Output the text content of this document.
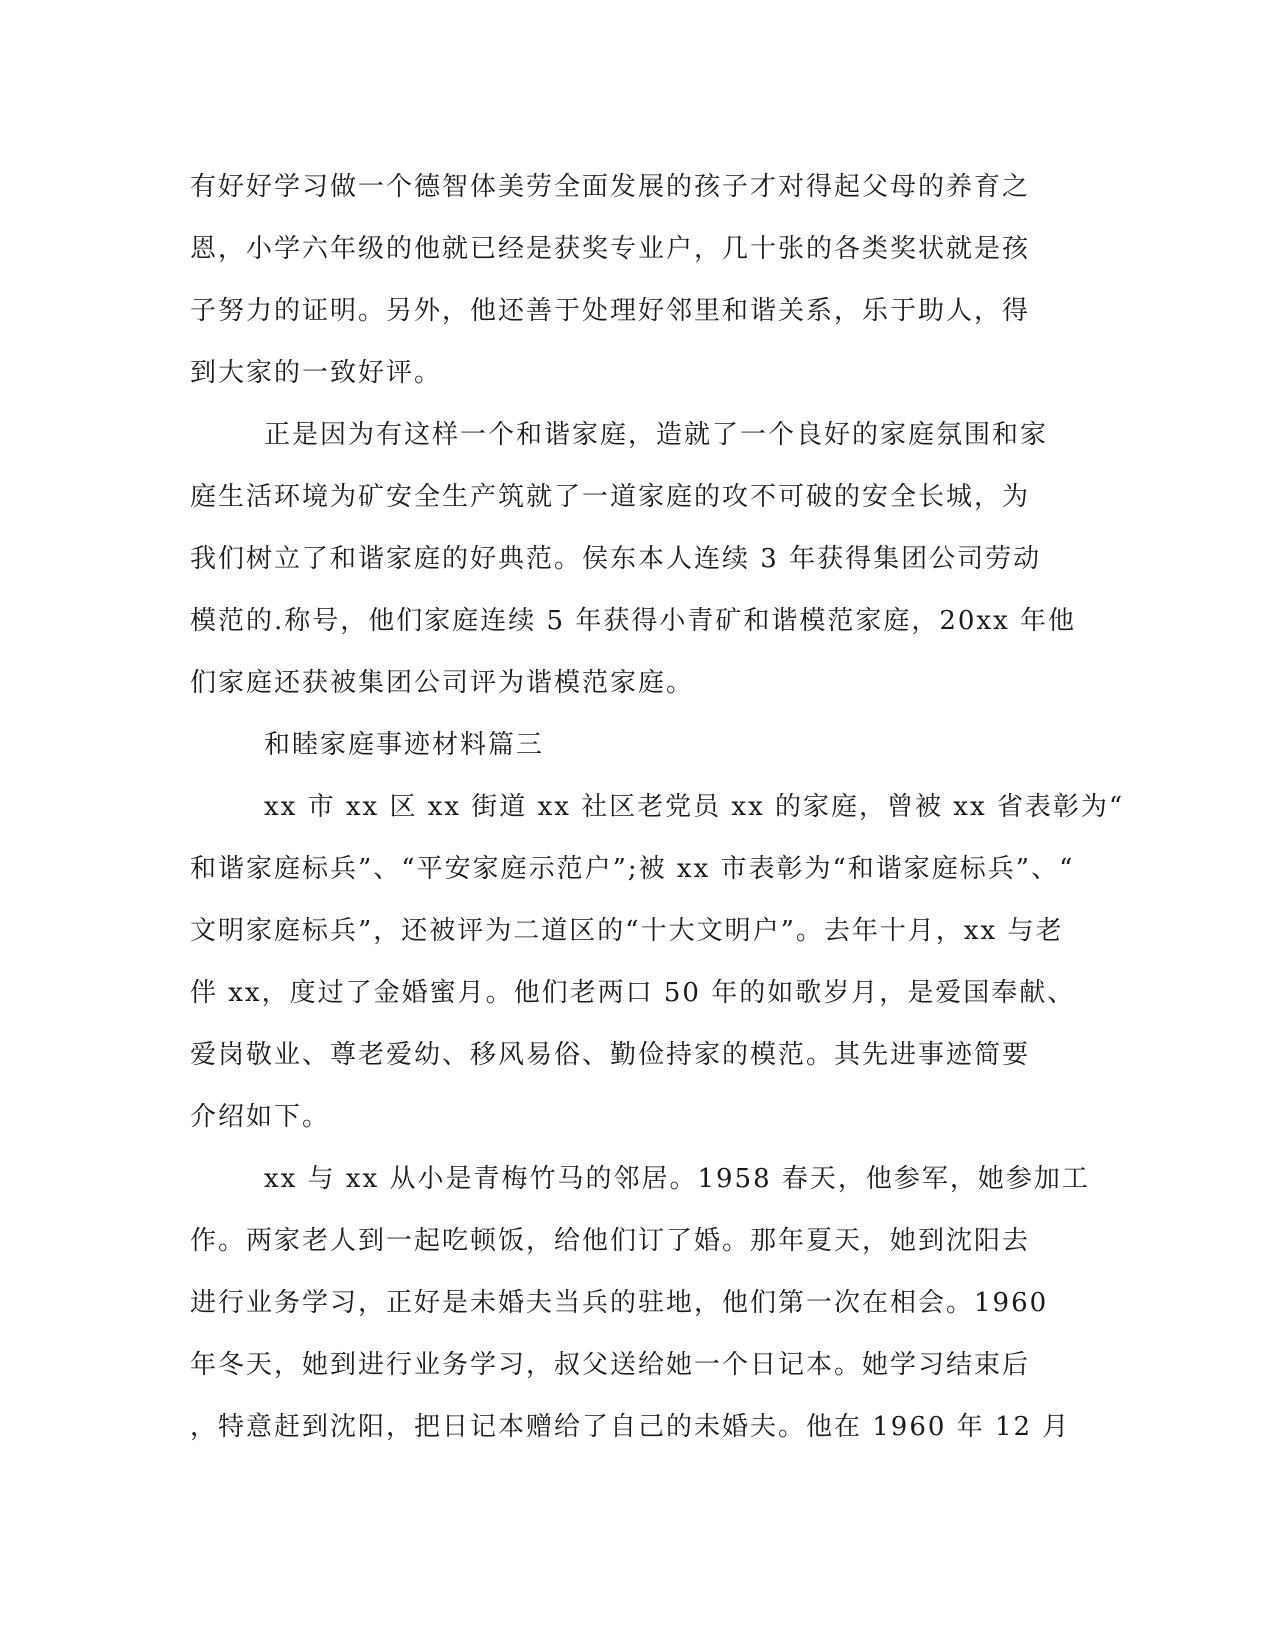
有好好学习做一个德智体美劳全面发展的孩子才对得起父母的养育之

恩，小学六年级的他就已经是获奖专业户，几十张的各类奖状就是孩

子努力的证明。另外，他还善于处理好邻里和谐关系，乐于助人，得

到大家的一致好评。

正是因为有这样一个和谐家庭，造就了一个良好的家庭氛围和家

庭生活环境为矿安全生产筑就了一道家庭的攻不可破的安全长城，为

我们树立了和谐家庭的好典范。侯东本人连续 3 年获得集团公司劳动

模范的.称号，他们家庭连续 5 年获得小青矿和谐模范家庭，20xx 年他

们家庭还获被集团公司评为谐模范家庭。

和睦家庭事迹材料篇三

xx 市 xx 区 xx 街道 xx 社区老党员 xx 的家庭，曾被 xx 省表彰为“

和谐家庭标兵”、“平安家庭示范户”;被 xx 市表彰为“和谐家庭标兵”、“

文明家庭标兵”，还被评为二道区的“十大文明户”。去年十月，xx 与老

伴 xx，度过了金婚蜜月。他们老两口 50 年的如歌岁月，是爱国奉献、

爱岗敬业、尊老爱幼、移风易俗、勤俭持家的模范。其先进事迹简要

介绍如下。

xx 与 xx 从小是青梅竹马的邻居。1958 春天，他参军，她参加工

作。两家老人到一起吃顿饭，给他们订了婚。那年夏天，她到沈阳去

进行业务学习，正好是未婚夫当兵的驻地，他们第一次在相会。1960

年冬天，她到进行业务学习，叔父送给她一个日记本。她学习结束后

，特意赶到沈阳，把日记本赠给了自己的未婚夫。他在 1960 年 12 月
